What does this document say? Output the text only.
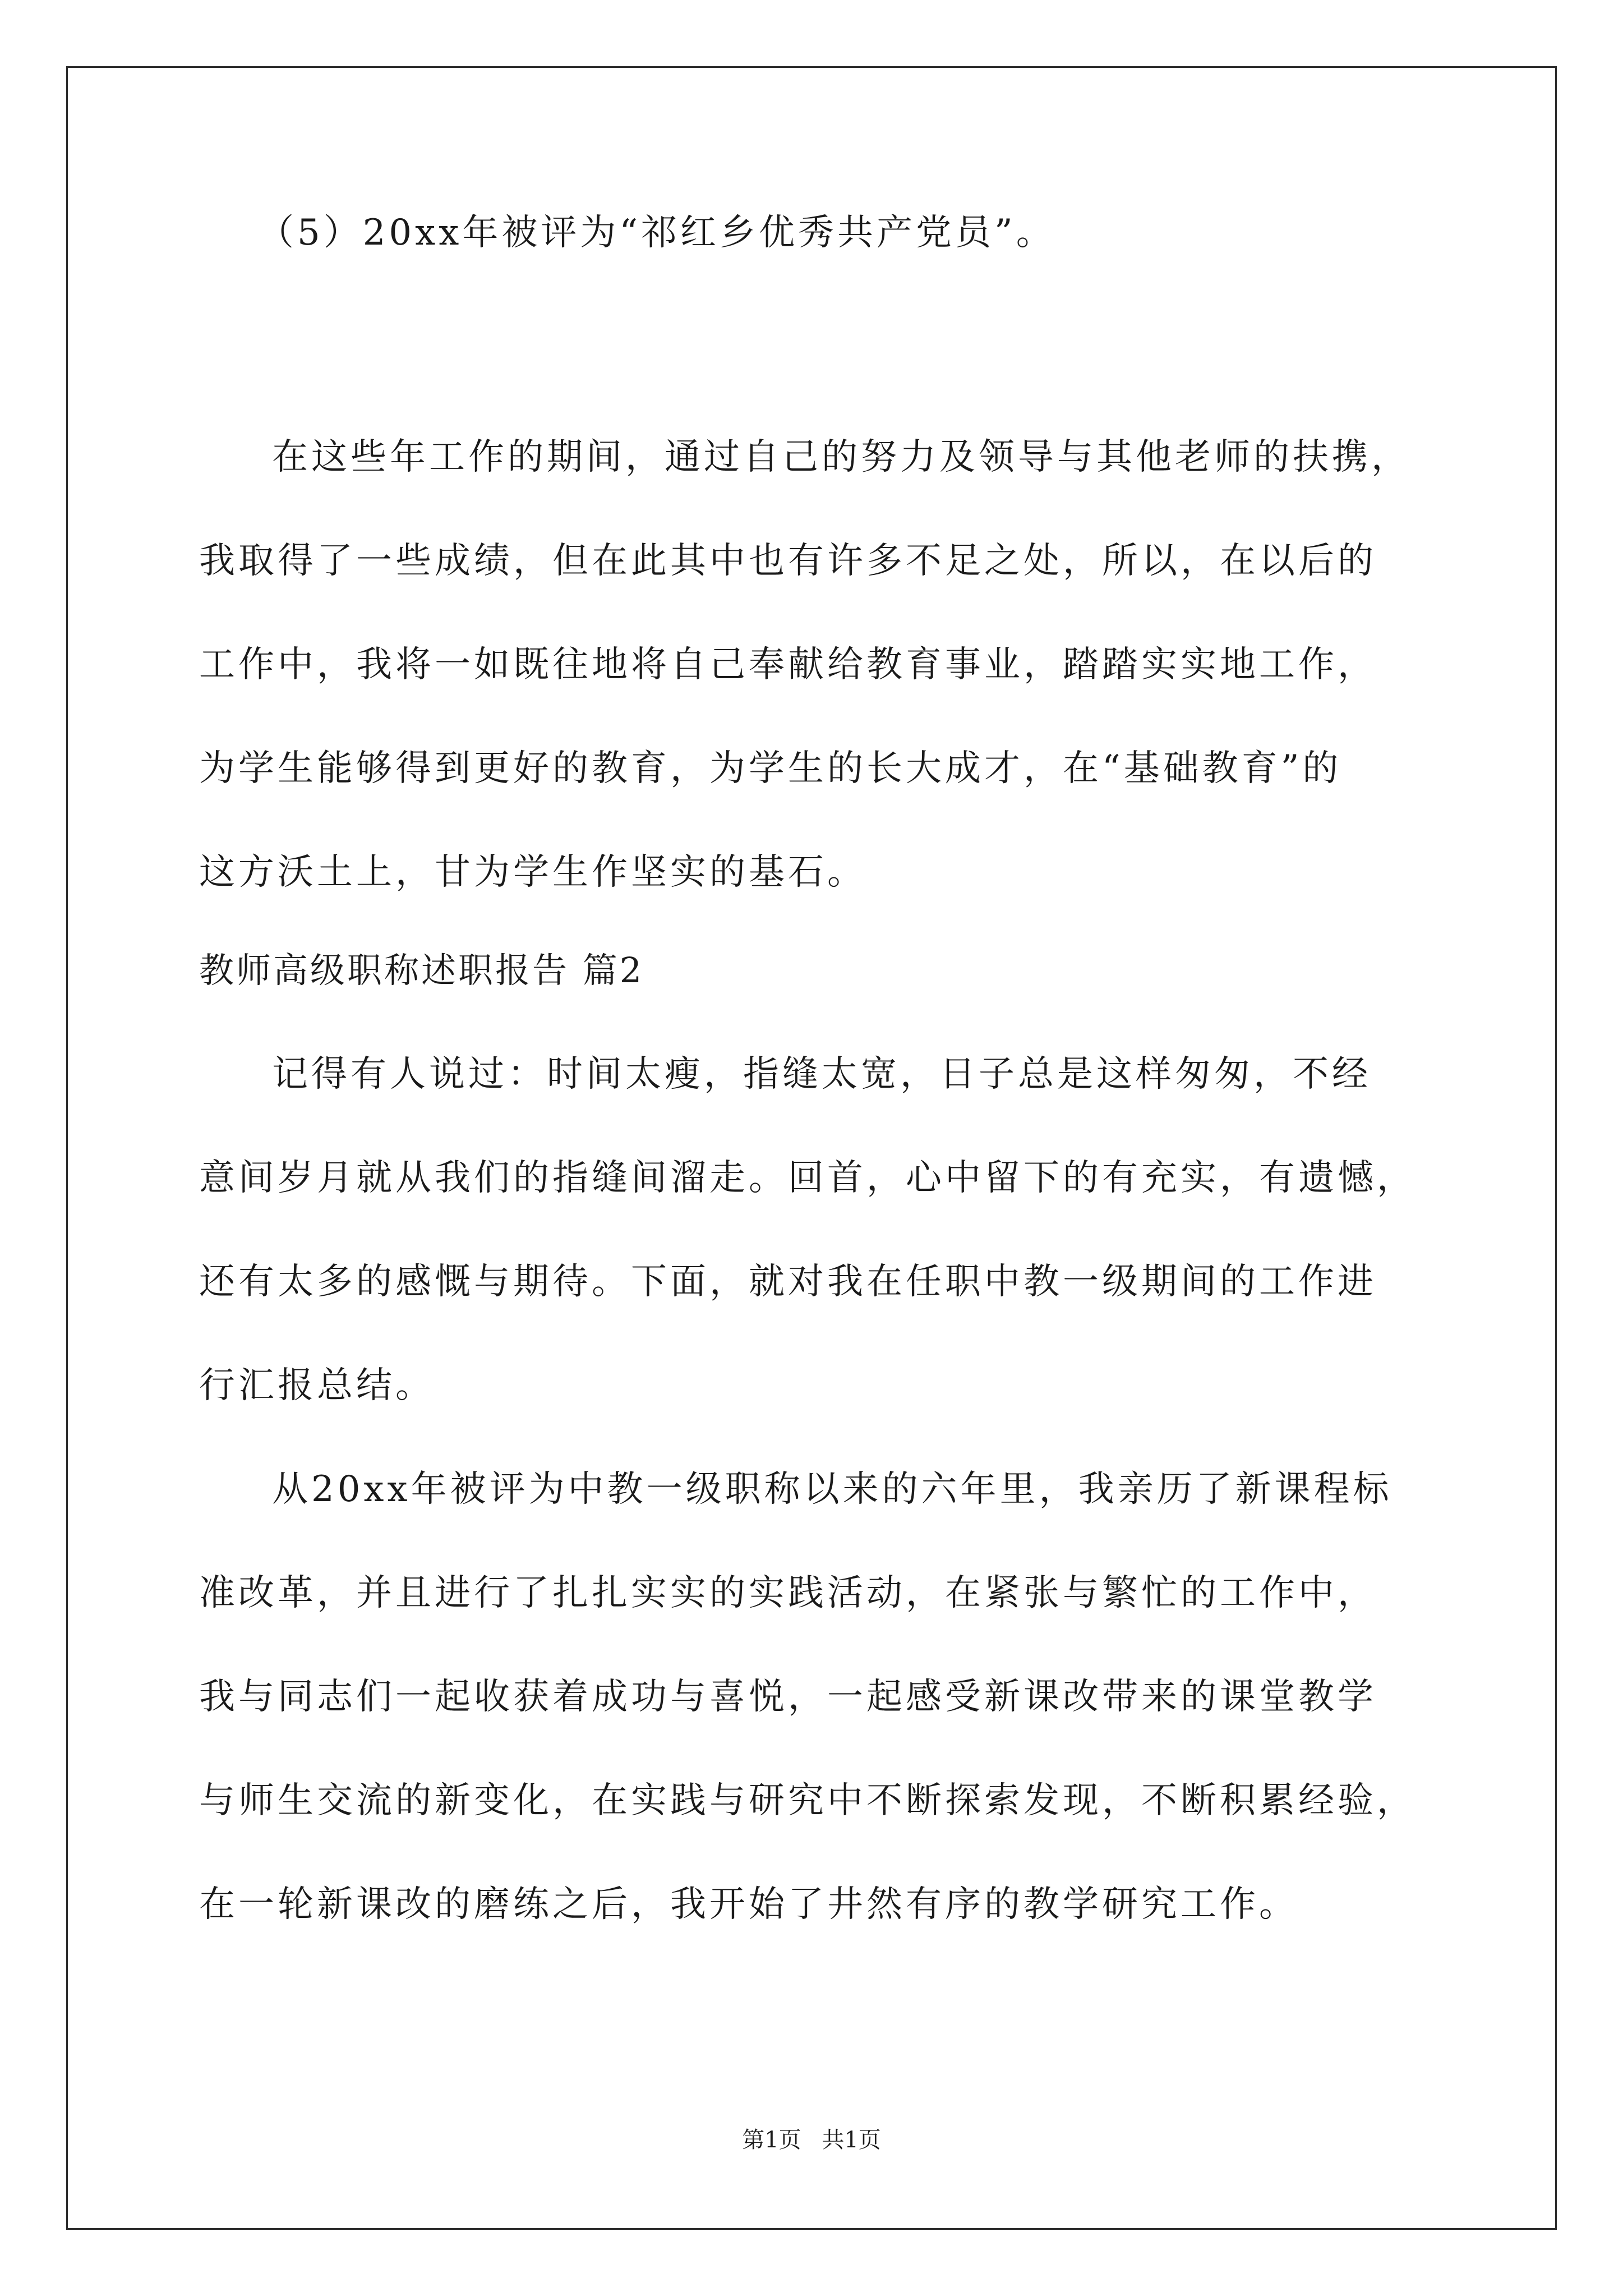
（5）20xx年被评为“祁红乡优秀共产党员”。
在这些年工作的期间，通过自己的努力及领导与其他老师的扶携，
我取得了一些成绩，但在此其中也有许多不足之处，所以，在以后的
工作中，我将一如既往地将自己奉献给教育事业，踏踏实实地工作，
为学生能够得到更好的教育，为学生的长大成才，在“基础教育”的
这方沃土上，甘为学生作坚实的基石。
教师高级职称述职报告 篇2
记得有人说过：时间太瘦，指缝太宽，日子总是这样匆匆，不经
意间岁月就从我们的指缝间溜走。回首，心中留下的有充实，有遗憾，
还有太多的感慨与期待。下面，就对我在任职中教一级期间的工作进
行汇报总结。
从20xx年被评为中教一级职称以来的六年里，我亲历了新课程标
准改革，并且进行了扎扎实实的实践活动，在紧张与繁忙的工作中，
我与同志们一起收获着成功与喜悦，一起感受新课改带来的课堂教学
与师生交流的新变化，在实践与研究中不断探索发现，不断积累经验，
在一轮新课改的磨练之后，我开始了井然有序的教学研究工作。
第1页 共1页
